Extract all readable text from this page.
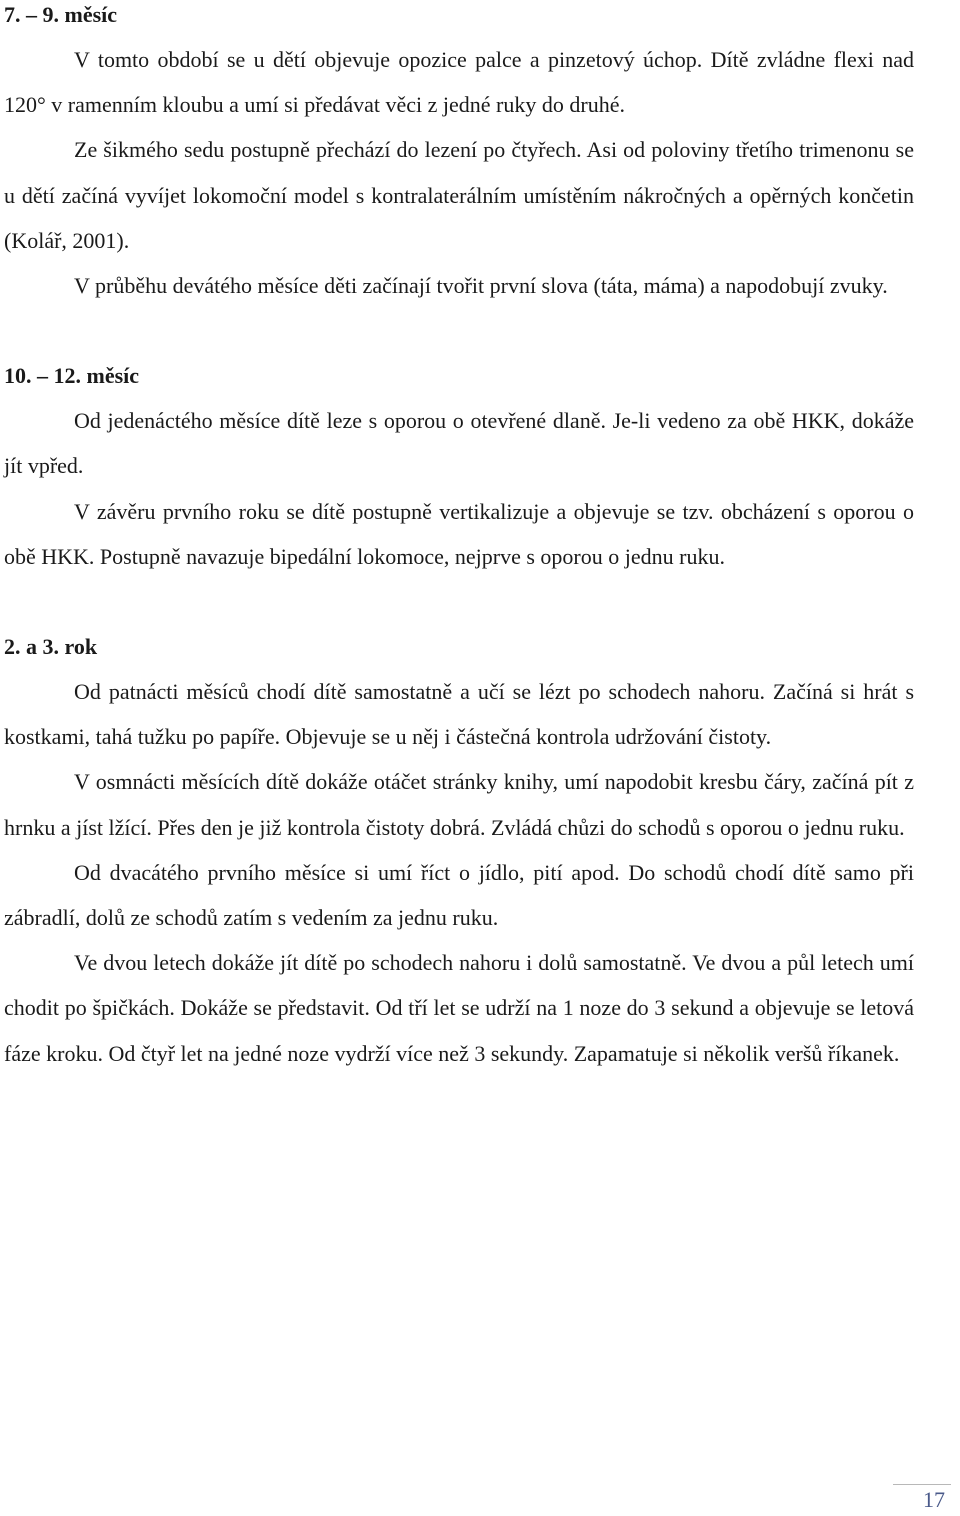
7. – 9. měsíc

V tomto období se u dětí objevuje opozice palce a pinzetový úchop. Dítě zvládne flexi nad 120° v ramenním kloubu a umí si předávat věci z jedné ruky do druhé.

Ze šikmého sedu postupně přechází do lezení po čtyřech. Asi od poloviny třetího trimenonu se u dětí začíná vyvíjet lokomoční model s kontralaterálním umístěním nákročných a opěrných končetin (Kolář, 2001).

V průběhu devátého měsíce děti začínají tvořit první slova (táta, máma) a napodobují zvuky.

10. – 12. měsíc

Od jedenáctého měsíce dítě leze s oporou o otevřené dlaně. Je-li vedeno za obě HKK, dokáže jít vpřed.

V závěru prvního roku se dítě postupně vertikalizuje a objevuje se tzv. obcházení s oporou o obě HKK. Postupně navazuje bipedální lokomoce, nejprve s oporou o jednu ruku.

2. a 3. rok

Od patnácti měsíců chodí dítě samostatně a učí se lézt po schodech nahoru. Začíná si hrát s kostkami, tahá tužku po papíře. Objevuje se u něj i částečná kontrola udržování čistoty.

V osmnácti měsících dítě dokáže otáčet stránky knihy, umí napodobit kresbu čáry, začíná pít z hrnku a jíst lžící. Přes den je již kontrola čistoty dobrá. Zvládá chůzi do schodů s oporou o jednu ruku.

Od dvacátého prvního měsíce si umí říct o jídlo, pití apod. Do schodů chodí dítě samo při zábradlí, dolů ze schodů zatím s vedením za jednu ruku.

Ve dvou letech dokáže jít dítě po schodech nahoru i dolů samostatně. Ve dvou a půl letech umí chodit po špičkách. Dokáže se představit. Od tří let se udrží na 1 noze do 3 sekund a objevuje se letová fáze kroku. Od čtyř let na jedné noze vydrží více než 3 sekundy. Zapamatuje si několik veršů říkanek.

17
